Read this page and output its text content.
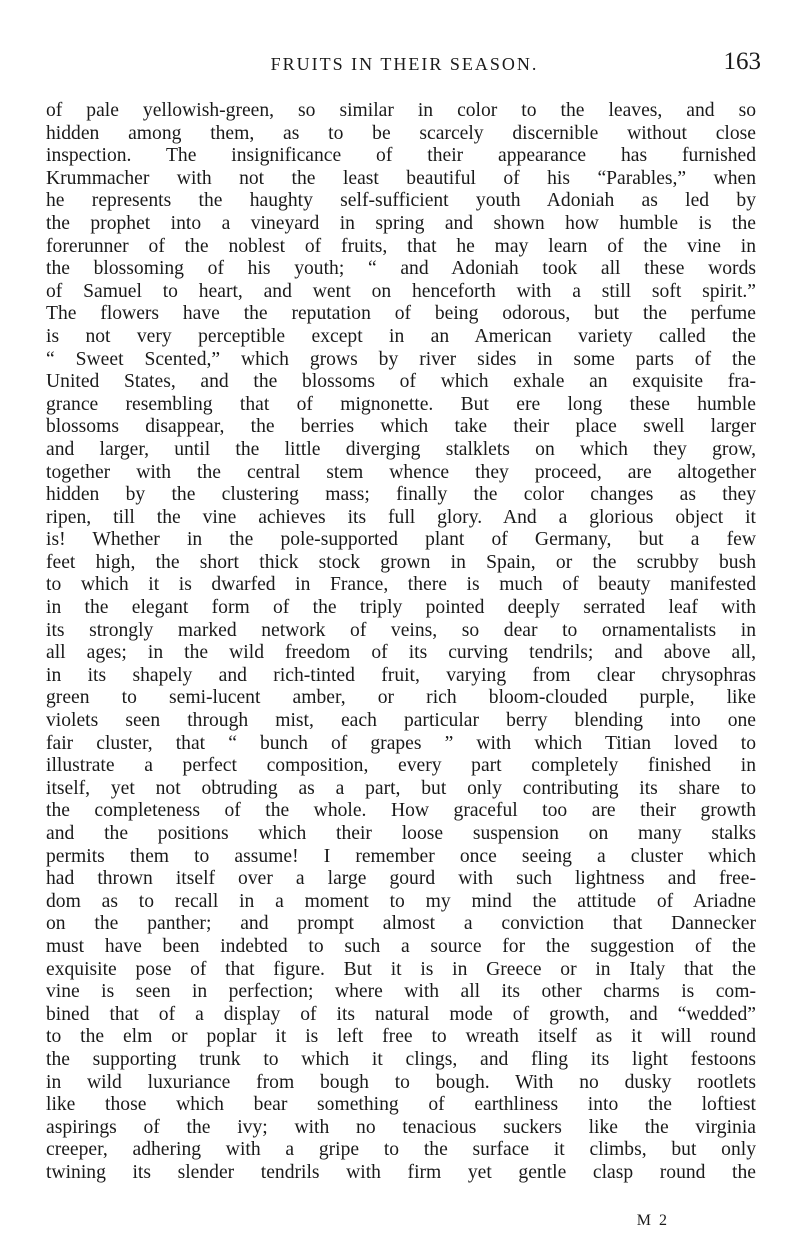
FRUITS IN THEIR SEASON.	163
of pale yellowish-green, so similar in color to the leaves, and so
hidden among them, as to be scarcely discernible without close
inspection. The insignificance of their appearance has furnished
Krummacher with not the least beautiful of his “Parables,” when
he represents the haughty self-sufficient youth Adoniah as led by
the prophet into a vineyard in spring and shown how humble is the
forerunner of the noblest of fruits, that he may learn of the vine in
the blossoming of his youth; “ and Adoniah took all these words
of Samuel to heart, and went on henceforth with a still soft spirit.”
The flowers have the reputation of being odorous, but the perfume
is not very perceptible except in an American variety called the
“ Sweet Scented,” which grows by river sides in some parts of the
United States, and the blossoms of which exhale an exquisite fra-
grance resembling that of mignonette. But ere long these humble
blossoms disappear, the berries which take their place swell larger
and larger, until the little diverging stalklets on which they grow,
together with the central stem whence they proceed, are altogether
hidden by the clustering mass; finally the color changes as they
ripen, till the vine achieves its full glory. And a glorious object it
is! Whether in the pole-supported plant of Germany, but a few
feet high, the short thick stock grown in Spain, or the scrubby bush
to which it is dwarfed in France, there is much of beauty manifested
in the elegant form of the triply pointed deeply serrated leaf with
its strongly marked network of veins, so dear to ornamentalists in
all ages; in the wild freedom of its curving tendrils; and above all,
in its shapely and rich-tinted fruit, varying from clear chrysophras
green to semi-lucent amber, or rich bloom-clouded purple, like
violets seen through mist, each particular berry blending into one
fair cluster, that “ bunch of grapes ” with which Titian loved to
illustrate a perfect composition, every part completely finished in
itself, yet not obtruding as a part, but only contributing its share to
the completeness of the whole. How graceful too are their growth
and the positions which their loose suspension on many stalks
permits them to assume! I remember once seeing a cluster which
had thrown itself over a large gourd with such lightness and free-
dom as to recall in a moment to my mind the attitude of Ariadne
on the panther; and prompt almost a conviction that Dannecker
must have been indebted to such a source for the suggestion of the
exquisite pose of that figure. But it is in Greece or in Italy that the
vine is seen in perfection; where with all its other charms is com-
bined that of a display of its natural mode of growth, and “wedded”
to the elm or poplar it is left free to wreath itself as it will round
the supporting trunk to which it clings, and fling its light festoons
in wild luxuriance from bough to bough. With no dusky rootlets
like those which bear something of earthliness into the loftiest
aspirings of the ivy; with no tenacious suckers like the virginia
creeper, adhering with a gripe to the surface it climbs, but only
twining its slender tendrils with firm yet gentle clasp round the
M 2
